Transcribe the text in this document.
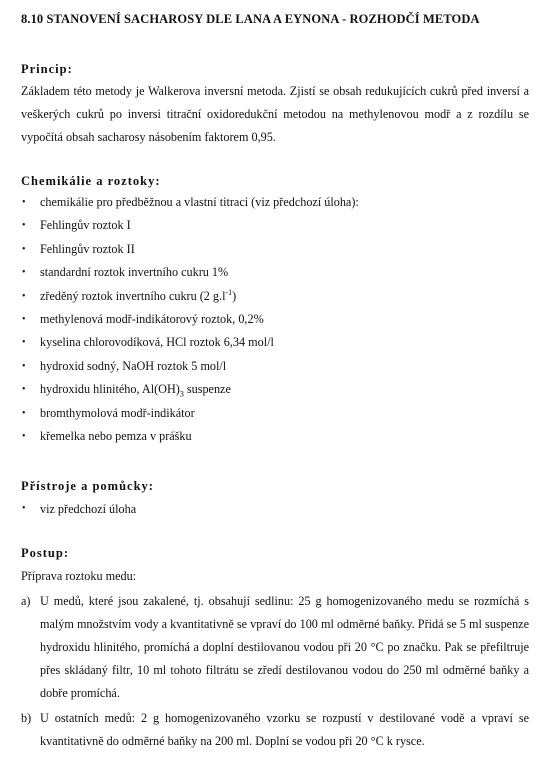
8.10 STANOVENÍ SACHAROSY DLE LANA A EYNONA - ROZHODČÍ METODA
Princip:
Základem této metody je Walkerova inversní metoda. Zjistí se obsah redukujících cukrů před inversí a veškerých cukrů po inversi titrační oxidoredukční metodou na methylenovou modř a z rozdílu se vypočítá obsah sacharosy násobením faktorem 0,95.
Chemikálie a roztoky:
• chemikálie pro předběžnou a vlastní titraci (viz předchozí úloha):
• Fehlingův roztok I
• Fehlingův roztok II
• standardní roztok invertního cukru 1%
• zředěný roztok invertního cukru (2 $g.l^{-1}$)
• methylenová modř-indikátorový roztok, 0,2%
• kyselina chlorovodíková, HCl roztok 6,34 mol/l
• hydroxid sodný, NaOH roztok 5 mol/l
• hydroxidu hlinitého, $Al(OH)_3$ suspenze
• bromthymolová modř-indikátor
• křemelka nebo pemza v prášku
Přístroje a pomůcky:
• viz předchozí úloha
Postup:
Příprava roztoku medu:
a) U medů, které jsou zakalené, tj. obsahují sedlinu: 25 g homogenizovaného medu se rozmíchá s malým množstvím vody a kvantitativně se vpraví do 100 ml odměrné baňky. Přidá se 5 ml suspenze hydroxidu hlinitého, promíchá a doplní destilovanou vodou při 20 °C po značku. Pak se přefiltruje přes skládaný filtr, 10 ml tohoto filtrátu se zředí destilovanou vodou do 250 ml odměrné baňky a dobře promíchá.
b) U ostatních medů: 2 g homogenizovaného vzorku se rozpustí v destilované vodě a vpraví se kvantitativně do odměrné baňky na 200 ml. Doplní se vodou při 20 °C k rysce.
